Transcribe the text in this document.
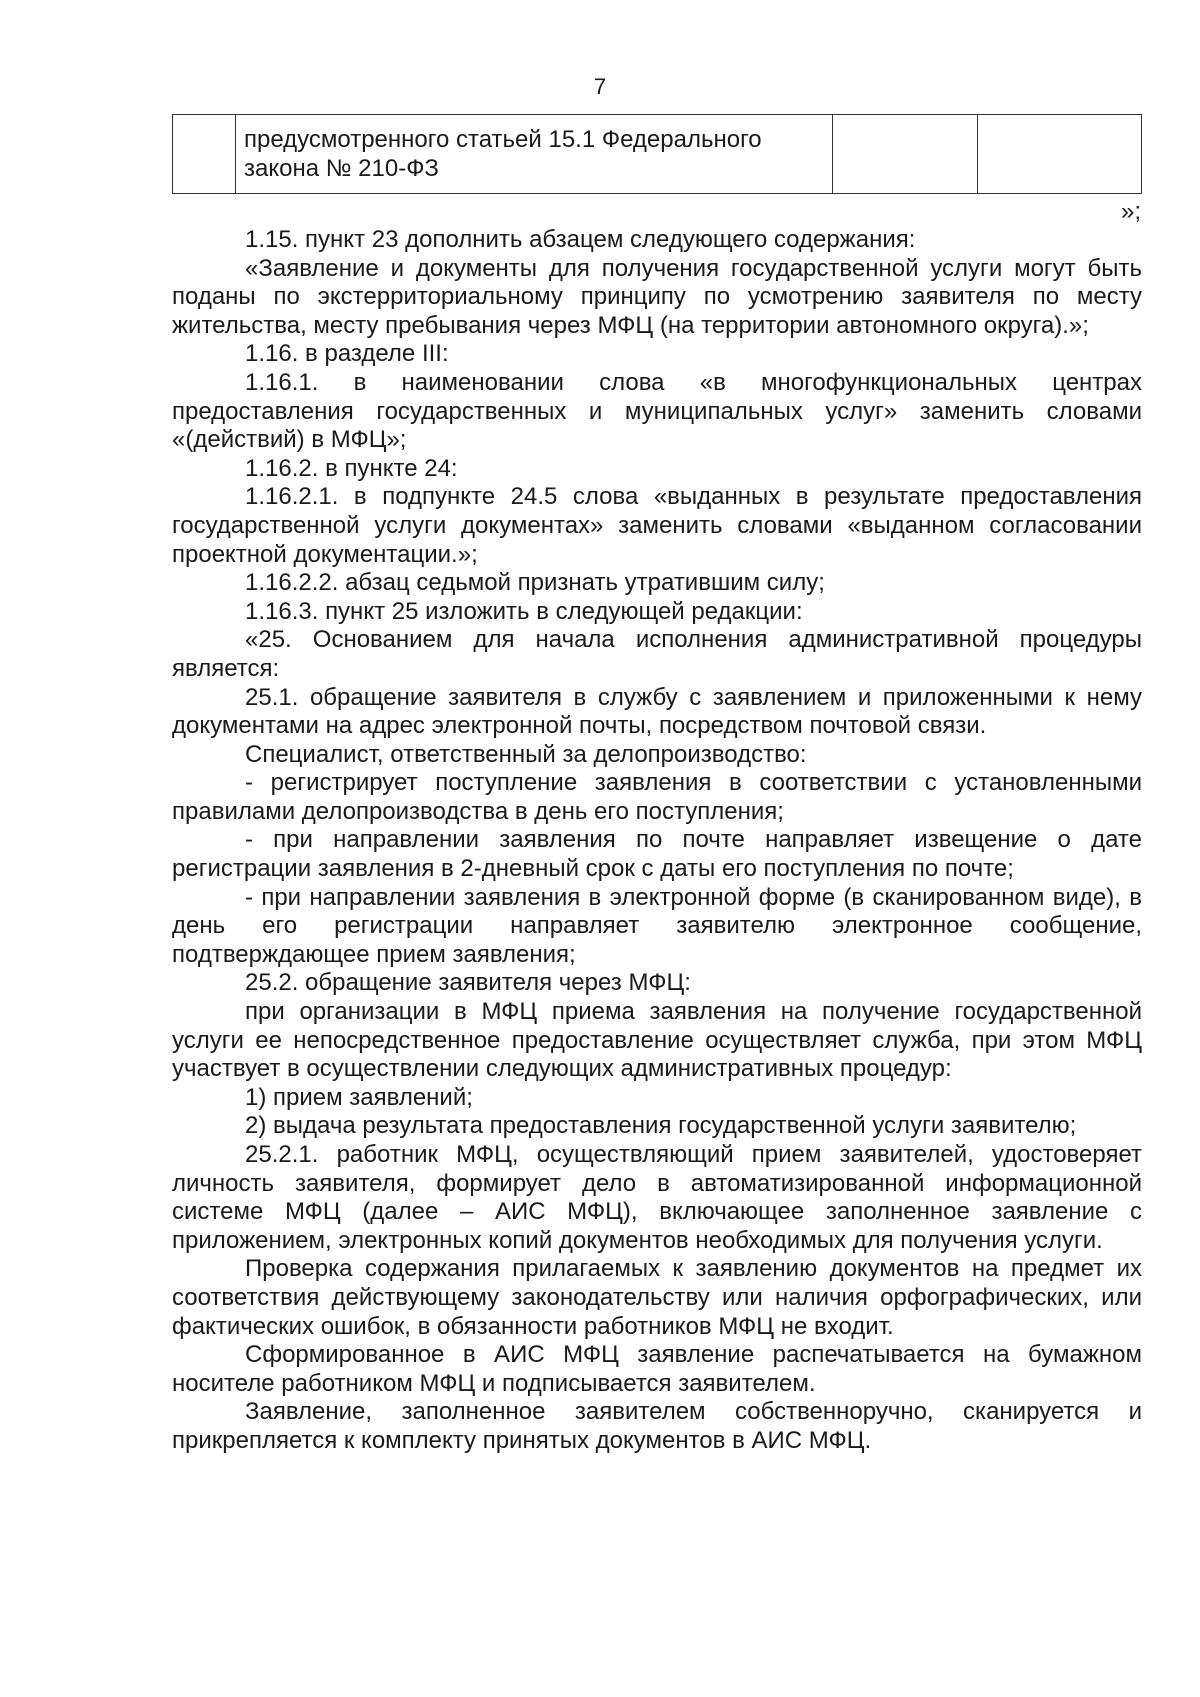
7
	предусмотренного статьей 15.1 Федерального закона № 210-ФЗ		
»;

1.15. пункт 23 дополнить абзацем следующего содержания:

«Заявление и документы для получения государственной услуги могут быть поданы по экстерриториальному принципу по усмотрению заявителя по месту жительства, месту пребывания через МФЦ (на территории автономного округа).»;

1.16. в разделе III:

1.16.1. в наименовании слова «в многофункциональных центрах предоставления государственных и муниципальных услуг» заменить словами «(действий) в МФЦ»;

1.16.2. в пункте 24:

1.16.2.1. в подпункте 24.5 слова «выданных в результате предоставления государственной услуги документах» заменить словами «выданном согласовании проектной документации.»;

1.16.2.2. абзац седьмой признать утратившим силу;

1.16.3. пункт 25 изложить в следующей редакции:

«25. Основанием для начала исполнения административной процедуры является:

25.1. обращение заявителя в службу с заявлением и приложенными к нему документами на адрес электронной почты, посредством почтовой связи.

Специалист, ответственный за делопроизводство:

- регистрирует поступление заявления в соответствии с установленными правилами делопроизводства в день его поступления;

- при направлении заявления по почте направляет извещение о дате регистрации заявления в 2-дневный срок с даты его поступления по почте;

- при направлении заявления в электронной форме (в сканированном виде), в день его регистрации направляет заявителю электронное сообщение, подтверждающее прием заявления;

25.2. обращение заявителя через МФЦ:

при организации в МФЦ приема заявления на получение государственной услуги ее непосредственное предоставление осуществляет служба, при этом МФЦ участвует в осуществлении следующих административных процедур:

1) прием заявлений;

2) выдача результата предоставления государственной услуги заявителю;

25.2.1. работник МФЦ, осуществляющий прием заявителей, удостоверяет личность заявителя, формирует дело в автоматизированной информационной системе МФЦ (далее – АИС МФЦ), включающее заполненное заявление с приложением, электронных копий документов необходимых для получения услуги.

Проверка содержания прилагаемых к заявлению документов на предмет их соответствия действующему законодательству или наличия орфографических, или фактических ошибок, в обязанности работников МФЦ не входит.

Сформированное в АИС МФЦ заявление распечатывается на бумажном носителе работником МФЦ и подписывается заявителем.

Заявление, заполненное заявителем собственноручно, сканируется и прикрепляется к комплекту принятых документов в АИС МФЦ.
